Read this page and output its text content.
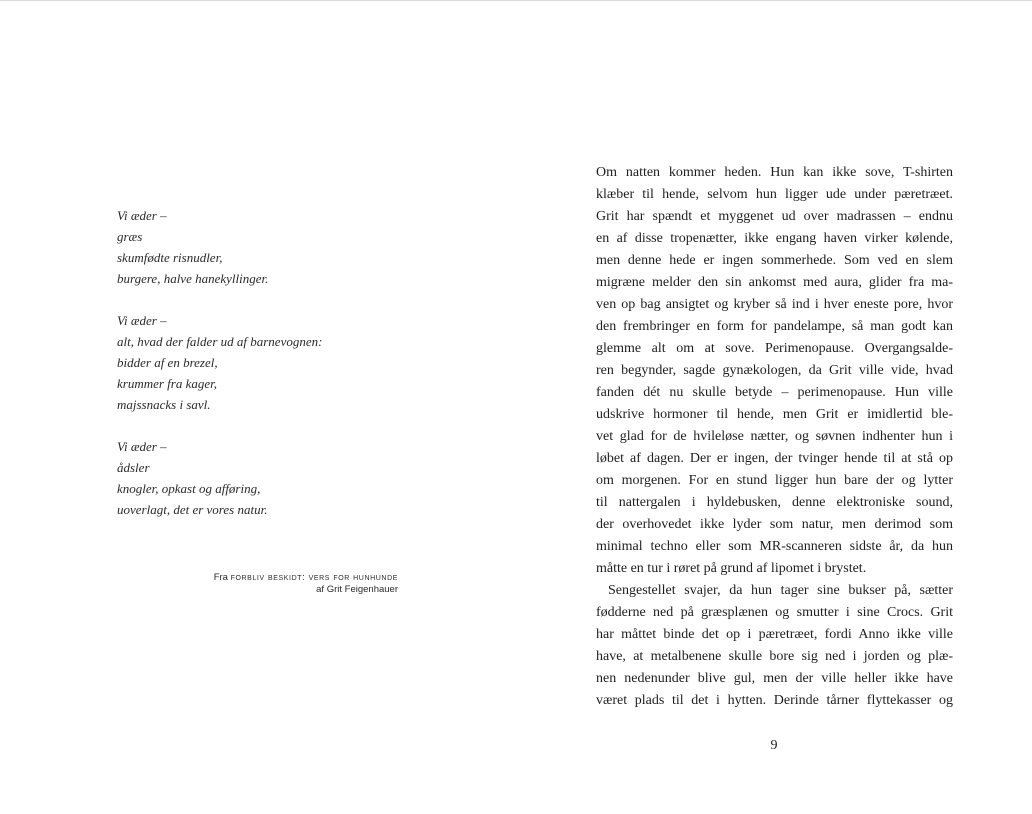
Vi æder –
græs
skumfødte risnudler,
burgere, halve hanekyllinger.
Vi æder –
alt, hvad der falder ud af barnevognen:
bidder af en brezel,
krummer fra kager,
majssnacks i savl.
Vi æder –
ådsler
knogler, opkast og afføring,
uoverlagt, det er vores natur.
Fra forbliv beskidt: vers for hunhunde
af Grit Feigenhauer
Om natten kommer heden. Hun kan ikke sove, T-shirten
klæber til hende, selvom hun ligger ude under pæretræet.
Grit har spændt et myggenet ud over madrassen – endnu
en af disse tropenætter, ikke engang haven virker kølende,
men denne hede er ingen sommerhede. Som ved en slem
migræne melder den sin ankomst med aura, glider fra ma-
ven op bag ansigtet og kryber så ind i hver eneste pore, hvor
den frembringer en form for pandelampe, så man godt kan
glemme alt om at sove. Perimenopause. Overgangsalde-
ren begynder, sagde gynækologen, da Grit ville vide, hvad
fanden dét nu skulle betyde – perimenopause. Hun ville
udskrive hormoner til hende, men Grit er imidlertid ble-
vet glad for de hvileløse nætter, og søvnen indhenter hun i
løbet af dagen. Der er ingen, der tvinger hende til at stå op
om morgenen. For en stund ligger hun bare der og lytter
til nattergalen i hyldebusken, denne elektroniske sound,
der overhovedet ikke lyder som natur, men derimod som
minimal techno eller som MR-scanneren sidste år, da hun
måtte en tur i røret på grund af lipomet i brystet.
Sengestellet svajer, da hun tager sine bukser på, sætter
fødderne ned på græsplænen og smutter i sine Crocs. Grit
har måttet binde det op i pæretræet, fordi Anno ikke ville
have, at metalbenene skulle bore sig ned i jorden og plæ-
nen nedenunder blive gul, men der ville heller ikke have
været plads til det i hytten. Derinde tårner flyttekasser og
9
